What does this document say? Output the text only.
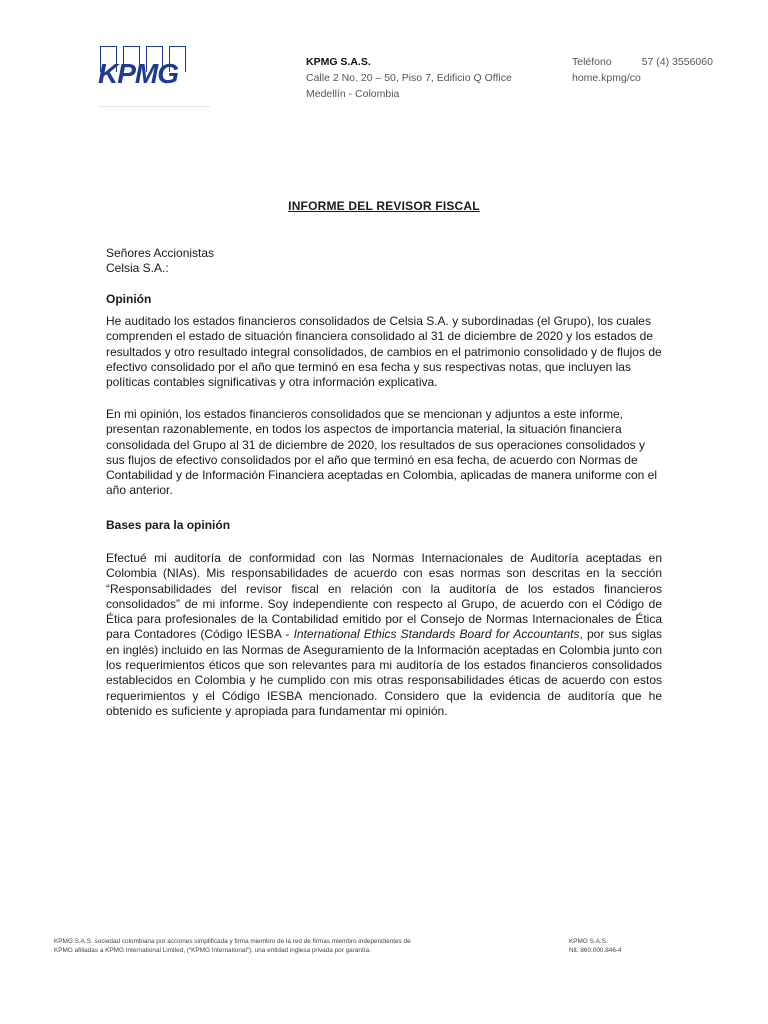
KPMG	KPMG S.A.S.
Calle 2 No. 20 – 50, Piso 7, Edificio Q Office
Medellín - Colombia
Teléfono	57 (4) 3556060
home.kpmg/co
INFORME DEL REVISOR FISCAL
Señores Accionistas
Celsia S.A.:
Opinión

He auditado los estados financieros consolidados de Celsia S.A. y subordinadas (el Grupo), los cuales comprenden el estado de situación financiera consolidado al 31 de diciembre de 2020 y los estados de resultados y otro resultado integral consolidados, de cambios en el patrimonio consolidado y de flujos de efectivo consolidado por el año que terminó en esa fecha y sus respectivas notas, que incluyen las políticas contables significativas y otra información explicativa.

En mi opinión, los estados financieros consolidados que se mencionan y adjuntos a este informe, presentan razonablemente, en todos los aspectos de importancia material, la situación financiera consolidada del Grupo al 31 de diciembre de 2020, los resultados de sus operaciones consolidados y sus flujos de efectivo consolidados por el año que terminó en esa fecha, de acuerdo con Normas de Contabilidad y de Información Financiera aceptadas en Colombia, aplicadas de manera uniforme con el año anterior.

Bases para la opinión

Efectué mi auditoría de conformidad con las Normas Internacionales de Auditoría aceptadas en Colombia (NIAs). Mis responsabilidades de acuerdo con esas normas son descritas en la sección “Responsabilidades del revisor fiscal en relación con la auditoría de los estados financieros consolidados” de mi informe. Soy independiente con respecto al Grupo, de acuerdo con el Código de Ética para profesionales de la Contabilidad emitido por el Consejo de Normas Internacionales de Ética para Contadores (Código IESBA - International Ethics Standards Board for Accountants, por sus siglas en inglés) incluido en las Normas de Aseguramiento de la Información aceptadas en Colombia junto con los requerimientos éticos que son relevantes para mi auditoría de los estados financieros consolidados establecidos en Colombia y he cumplido con mis otras responsabilidades éticas de acuerdo con estos requerimientos y el Código IESBA mencionado. Considero que la evidencia de auditoría que he obtenido es suficiente y apropiada para fundamentar mi opinión.

KPMG S.A.S. sociedad colombiana por acciones simplificada y firma miembro de la red de firmas miembro independientes de
KPMG afiliadas a KPMG International Limited, (“KPMG International”), una entidad inglesa privada por garantía.
KPMG S.A.S.
Nit. 860.000.846-4
